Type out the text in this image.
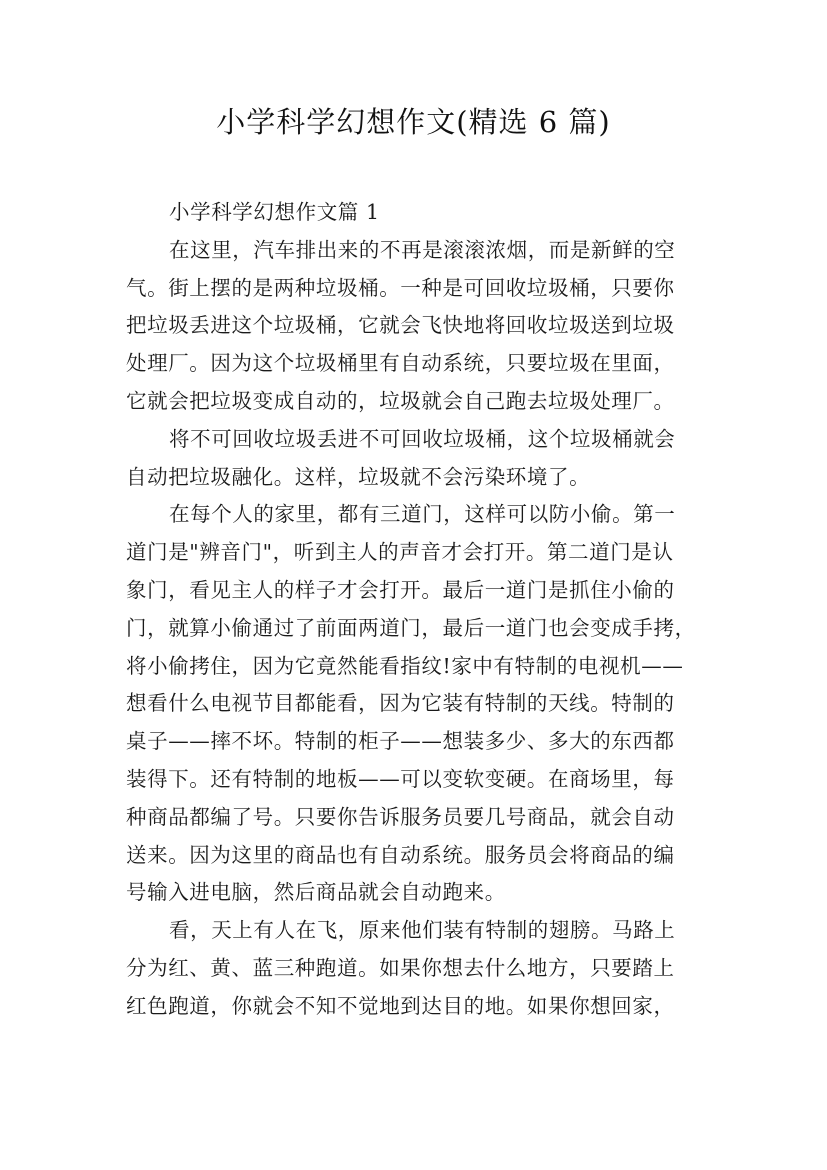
小学科学幻想作文(精选 6 篇)
小学科学幻想作文篇 1
在这里，汽车排出来的不再是滚滚浓烟，而是新鲜的空
气。街上摆的是两种垃圾桶。一种是可回收垃圾桶，只要你
把垃圾丢进这个垃圾桶，它就会飞快地将回收垃圾送到垃圾
处理厂。因为这个垃圾桶里有自动系统，只要垃圾在里面，
它就会把垃圾变成自动的，垃圾就会自己跑去垃圾处理厂。
将不可回收垃圾丢进不可回收垃圾桶，这个垃圾桶就会
自动把垃圾融化。这样，垃圾就不会污染环境了。
在每个人的家里，都有三道门，这样可以防小偷。第一
道门是"辨音门"，听到主人的声音才会打开。第二道门是认
象门，看见主人的样子才会打开。最后一道门是抓住小偷的
门，就算小偷通过了前面两道门，最后一道门也会变成手拷，
将小偷拷住，因为它竟然能看指纹!家中有特制的电视机——
想看什么电视节目都能看，因为它装有特制的天线。特制的
桌子——摔不坏。特制的柜子——想装多少、多大的东西都
装得下。还有特制的地板——可以变软变硬。在商场里，每
种商品都编了号。只要你告诉服务员要几号商品，就会自动
送来。因为这里的商品也有自动系统。服务员会将商品的编
号输入进电脑，然后商品就会自动跑来。
看，天上有人在飞，原来他们装有特制的翅膀。马路上
分为红、黄、蓝三种跑道。如果你想去什么地方，只要踏上
红色跑道，你就会不知不觉地到达目的地。如果你想回家，
